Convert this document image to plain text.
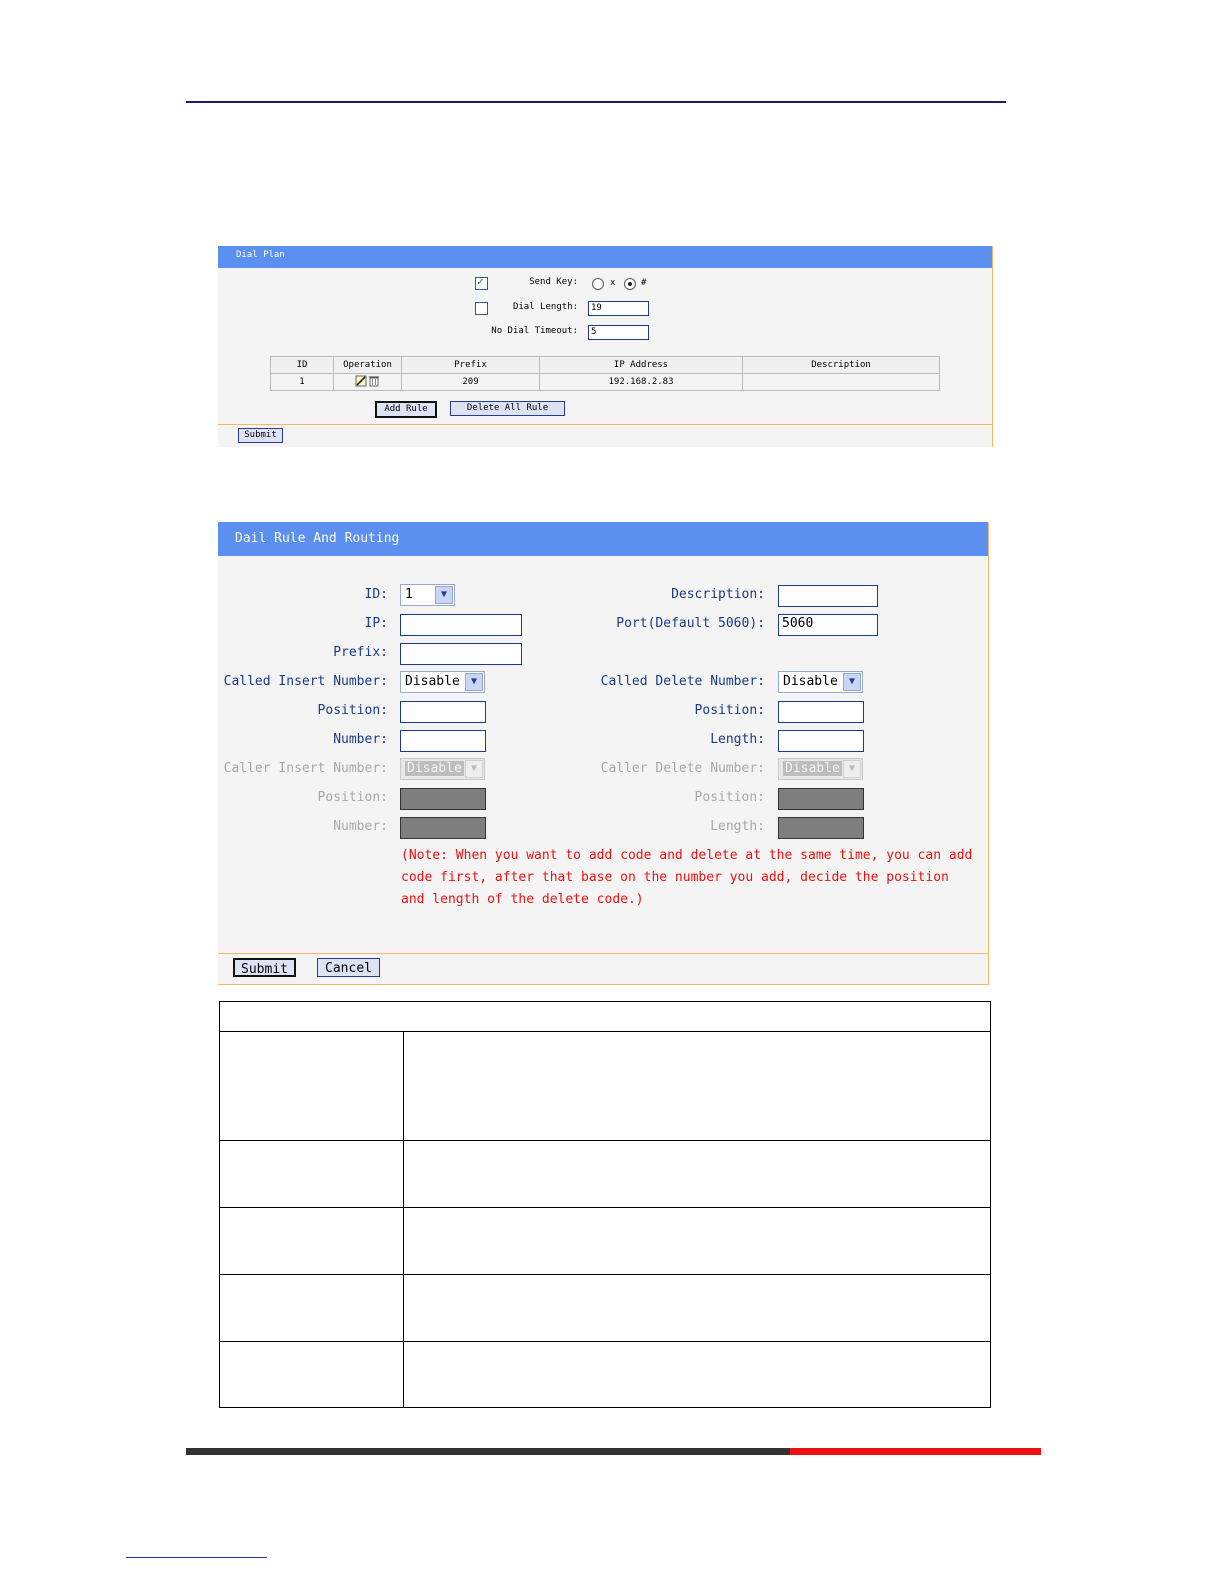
Dial Plan
✓
Send Key:	x	#
Dial Length:	19
No Dial Timeout:	5
ID	Operation	Prefix	IP Address	Description
1		209	192.168.2.83	
Add Rule	Delete All Rule
Submit
Dail Rule And Routing
ID: 1	▼	Description:
IP:	Port(Default 5060):	5060
Prefix:
Called Insert Number: Disable	▼	Called Delete Number: Disable	▼
Position:	Position:
Number:	Length:
Caller Insert Number: Disable ▼	Caller Delete Number: Disable ▼
Position:	Position:
Number:	Length:
(Note: When you want to add code and delete at the same time, you can add
code first, after that base on the number you add, decide the position
and length of the delete code.)
Submit	Cancel
